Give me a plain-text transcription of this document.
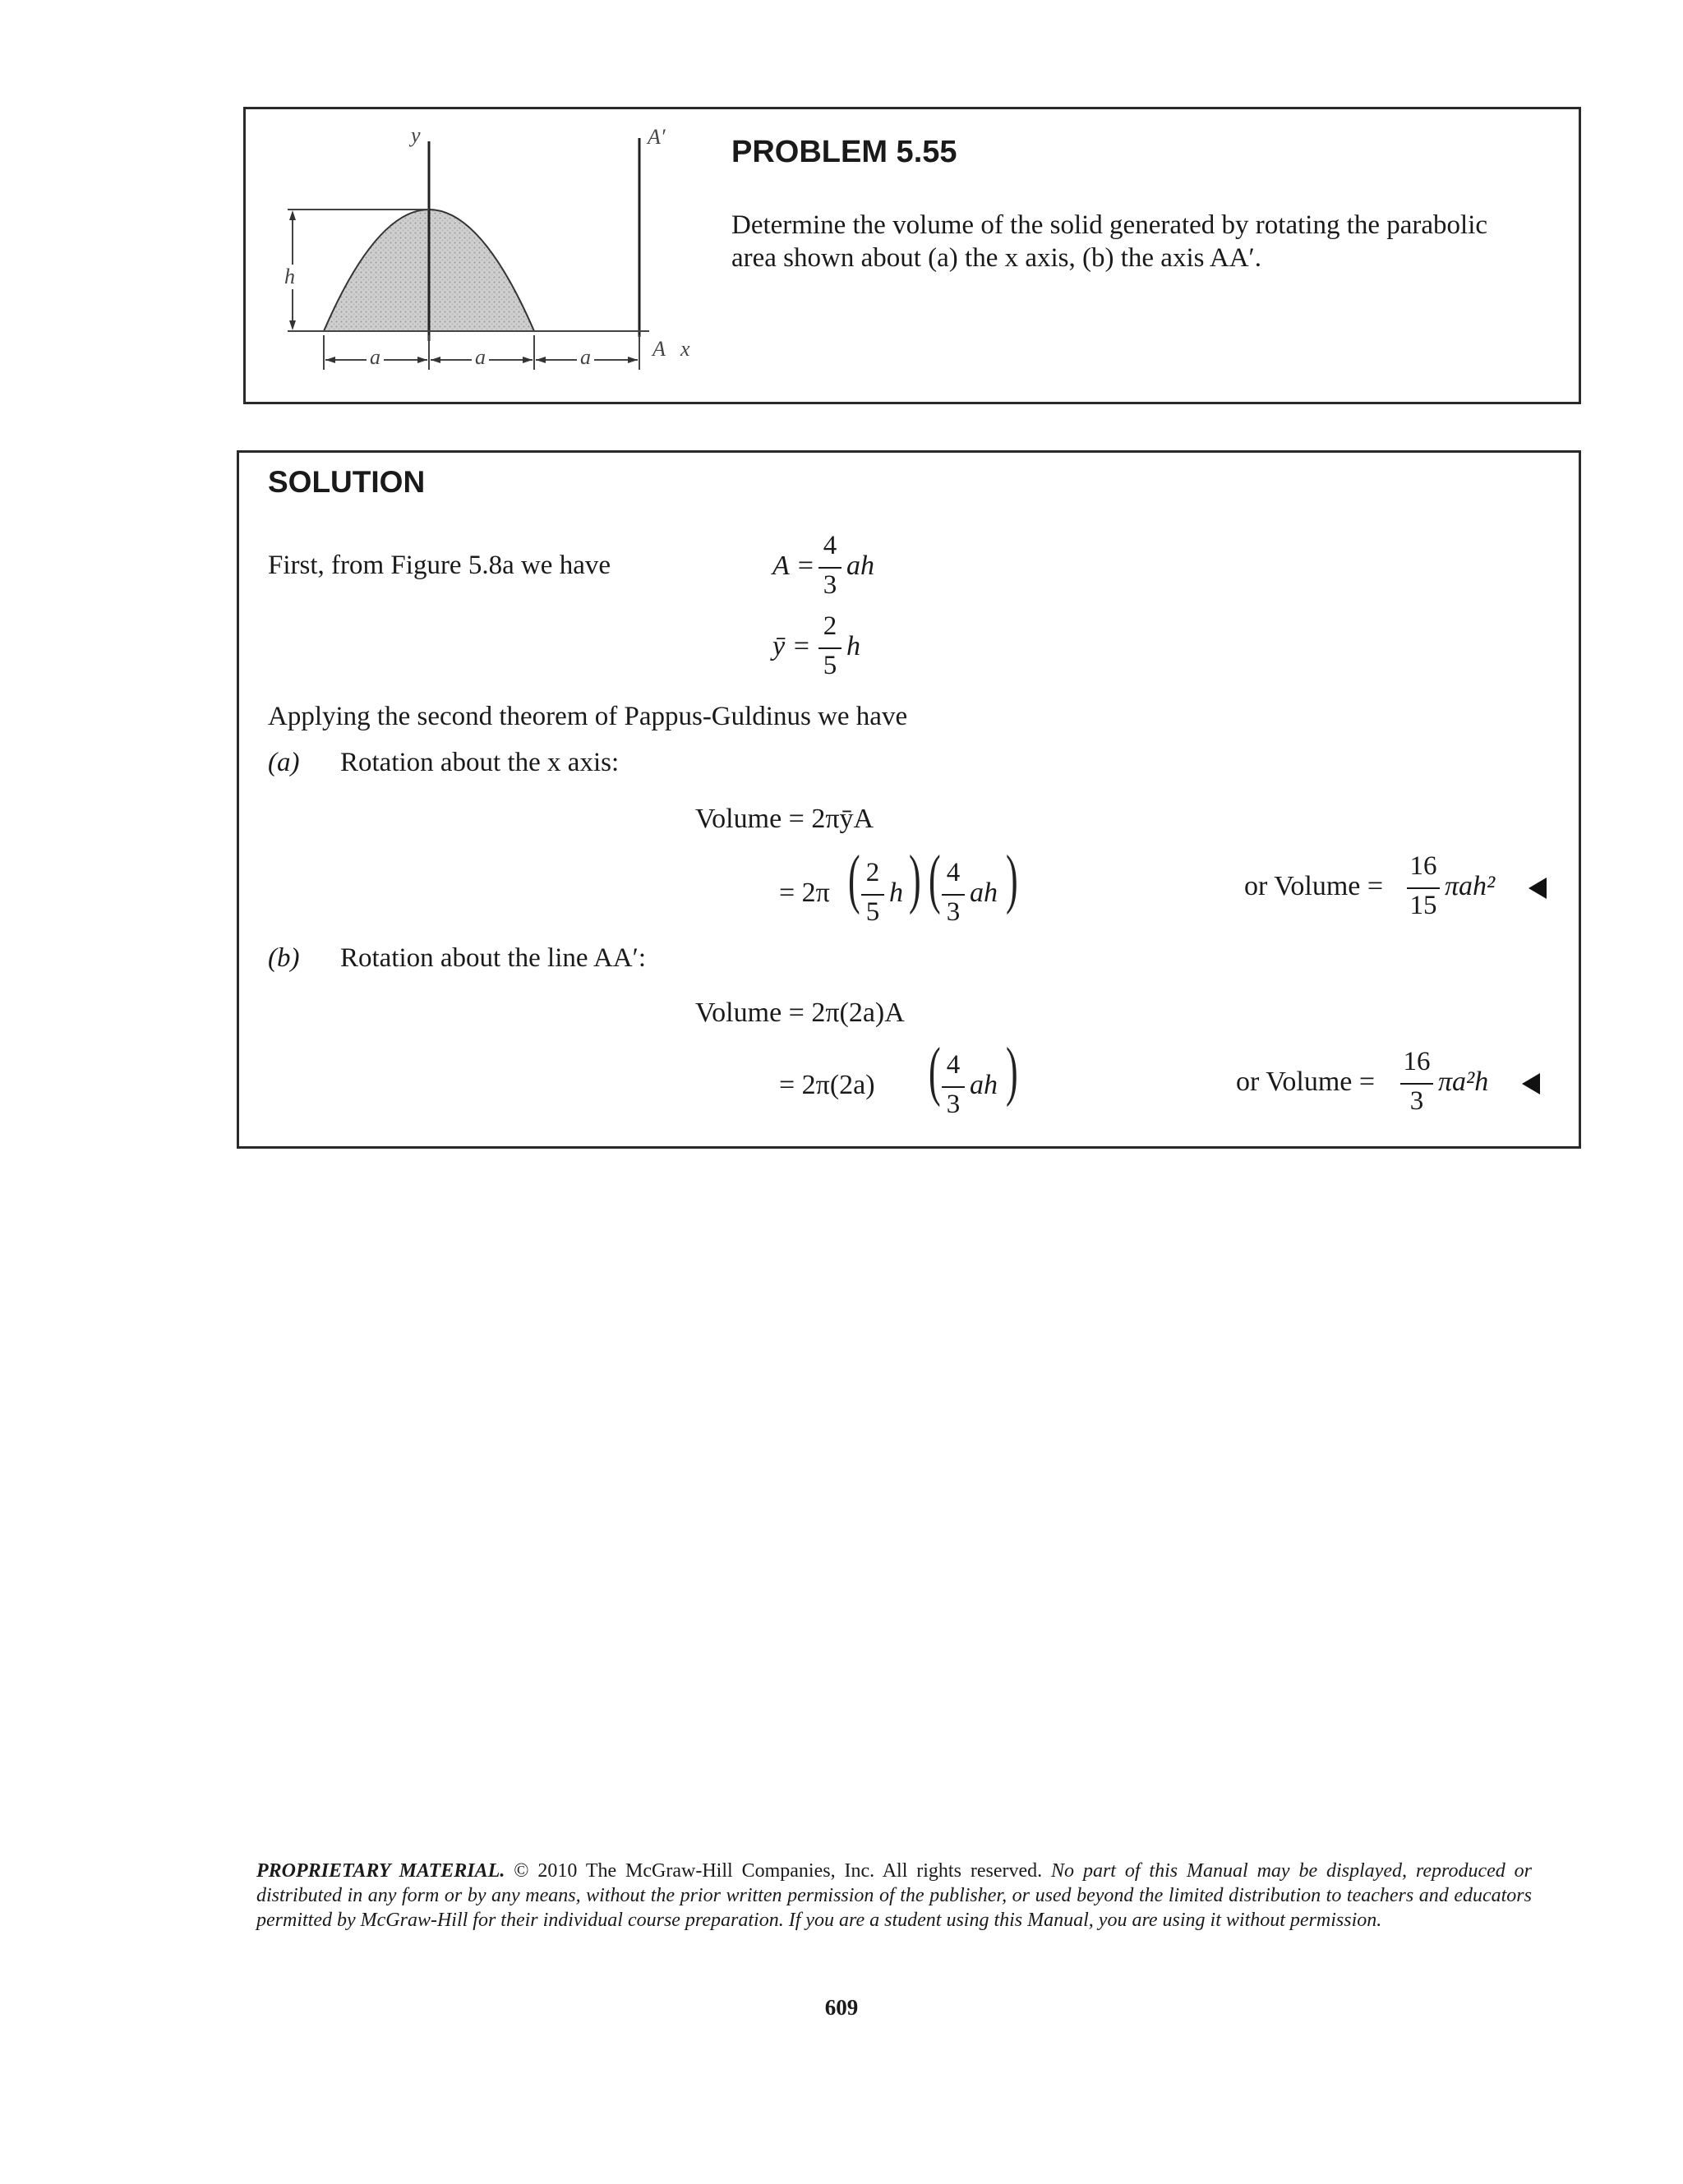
y	A′
h
a	a	a	A x
PROBLEM 5.55
Determine the volume of the solid generated by rotating the parabolic
area shown about (a) the x axis, (b) the axis AA′.
SOLUTION
First, from Figure 5.8a we have	A =
4
3
ah
ȳ =
2
5
h
Applying the second theorem of Pappus-Guldinus we have
(a) Rotation about the x axis:
Volume = 2πȳA
= 2π ( 2
5
h ) ( 4
3
ah )	or Volume =
16
15
πah²
(b) Rotation about the line AA′:
Volume = 2π(2a)A
= 2π(2a) ( 4
3
ah )	or Volume =
16
3
πa²h
PROPRIETARY MATERIAL. © 2010 The McGraw-Hill Companies, Inc. All rights reserved. No part of this Manual may be displayed, reproduced or distributed in any form or by any means, without the prior written permission of the publisher, or used beyond the limited distribution to teachers and educators permitted by McGraw-Hill for their individual course preparation. If you are a student using this Manual, you are using it without permission.
609
